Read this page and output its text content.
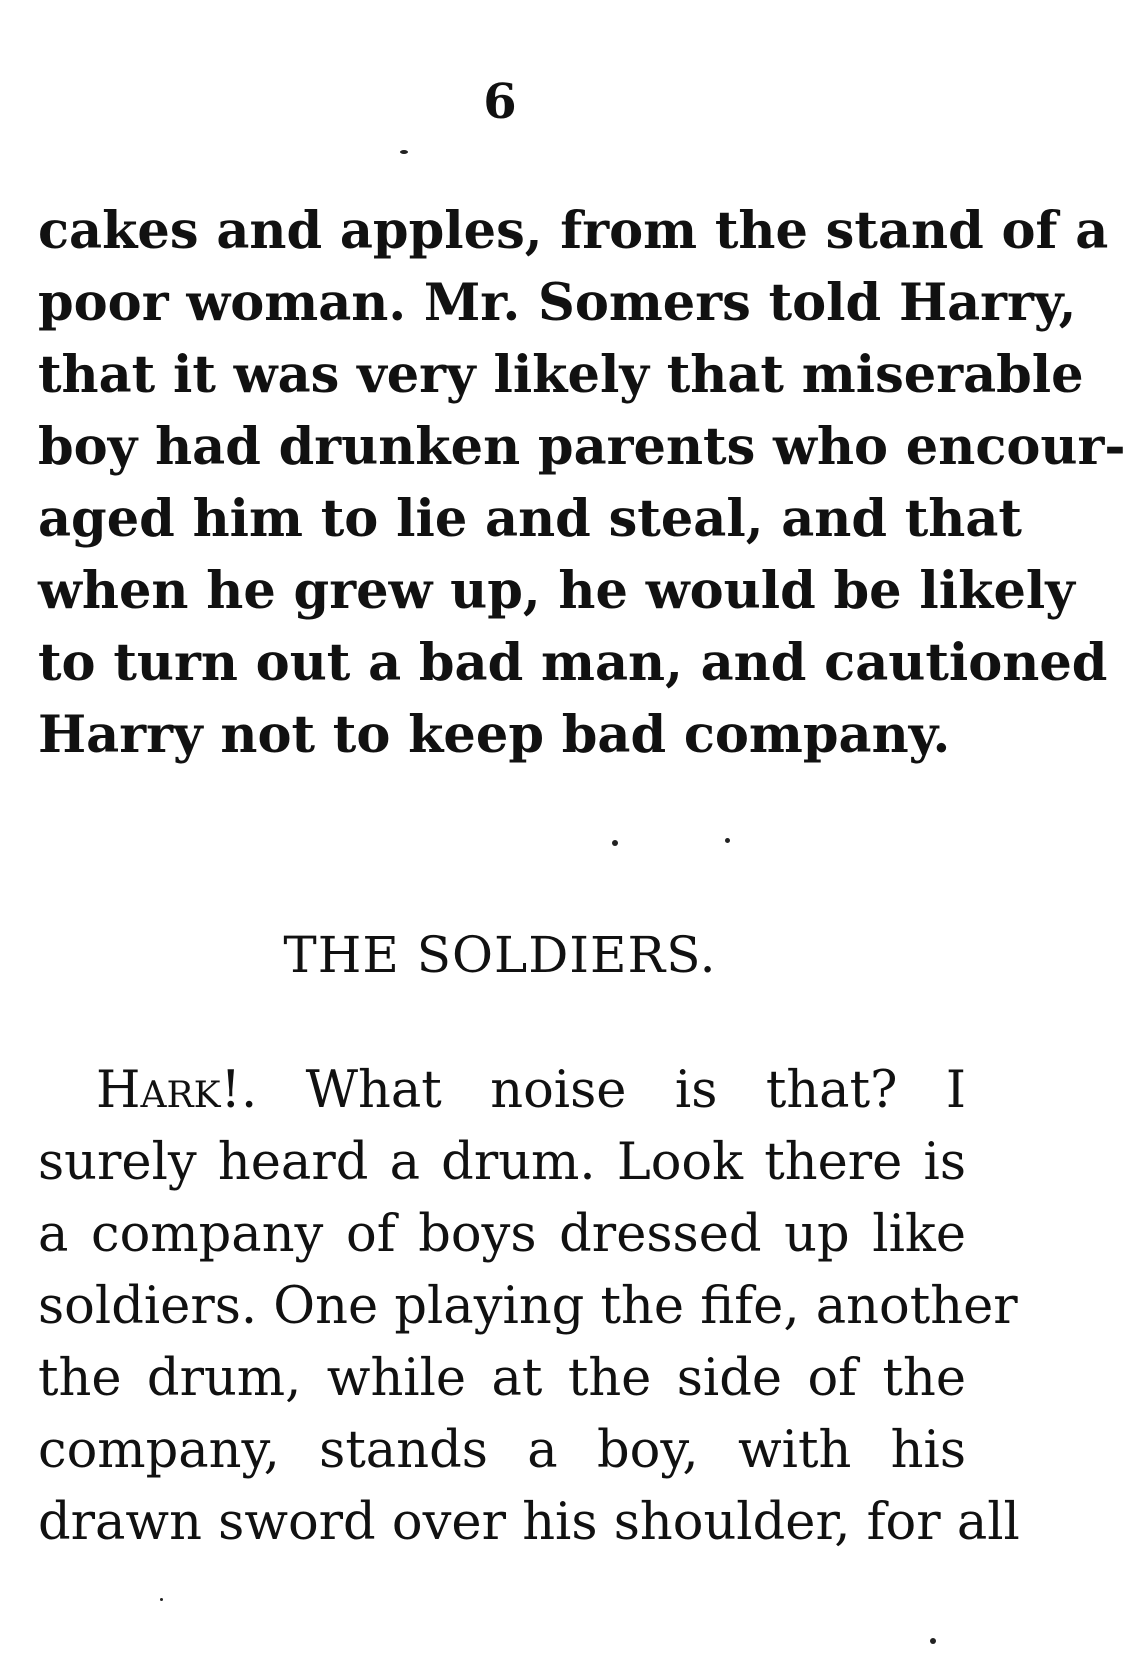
6
cakes and apples, from the stand of a
poor woman. Mr. Somers told Harry,
that it was very likely that miserable
boy had drunken parents who encour-
aged him to lie and steal, and that
when he grew up, he would be likely
to turn out a bad man, and cautioned
Harry not to keep bad company.
THE SOLDIERS.
Hark!. What noise is that? I
surely heard a drum. Look there is
a company of boys dressed up like
soldiers. One playing the fife, another
the drum, while at the side of the
company, stands a boy, with his
drawn sword over his shoulder, for all
